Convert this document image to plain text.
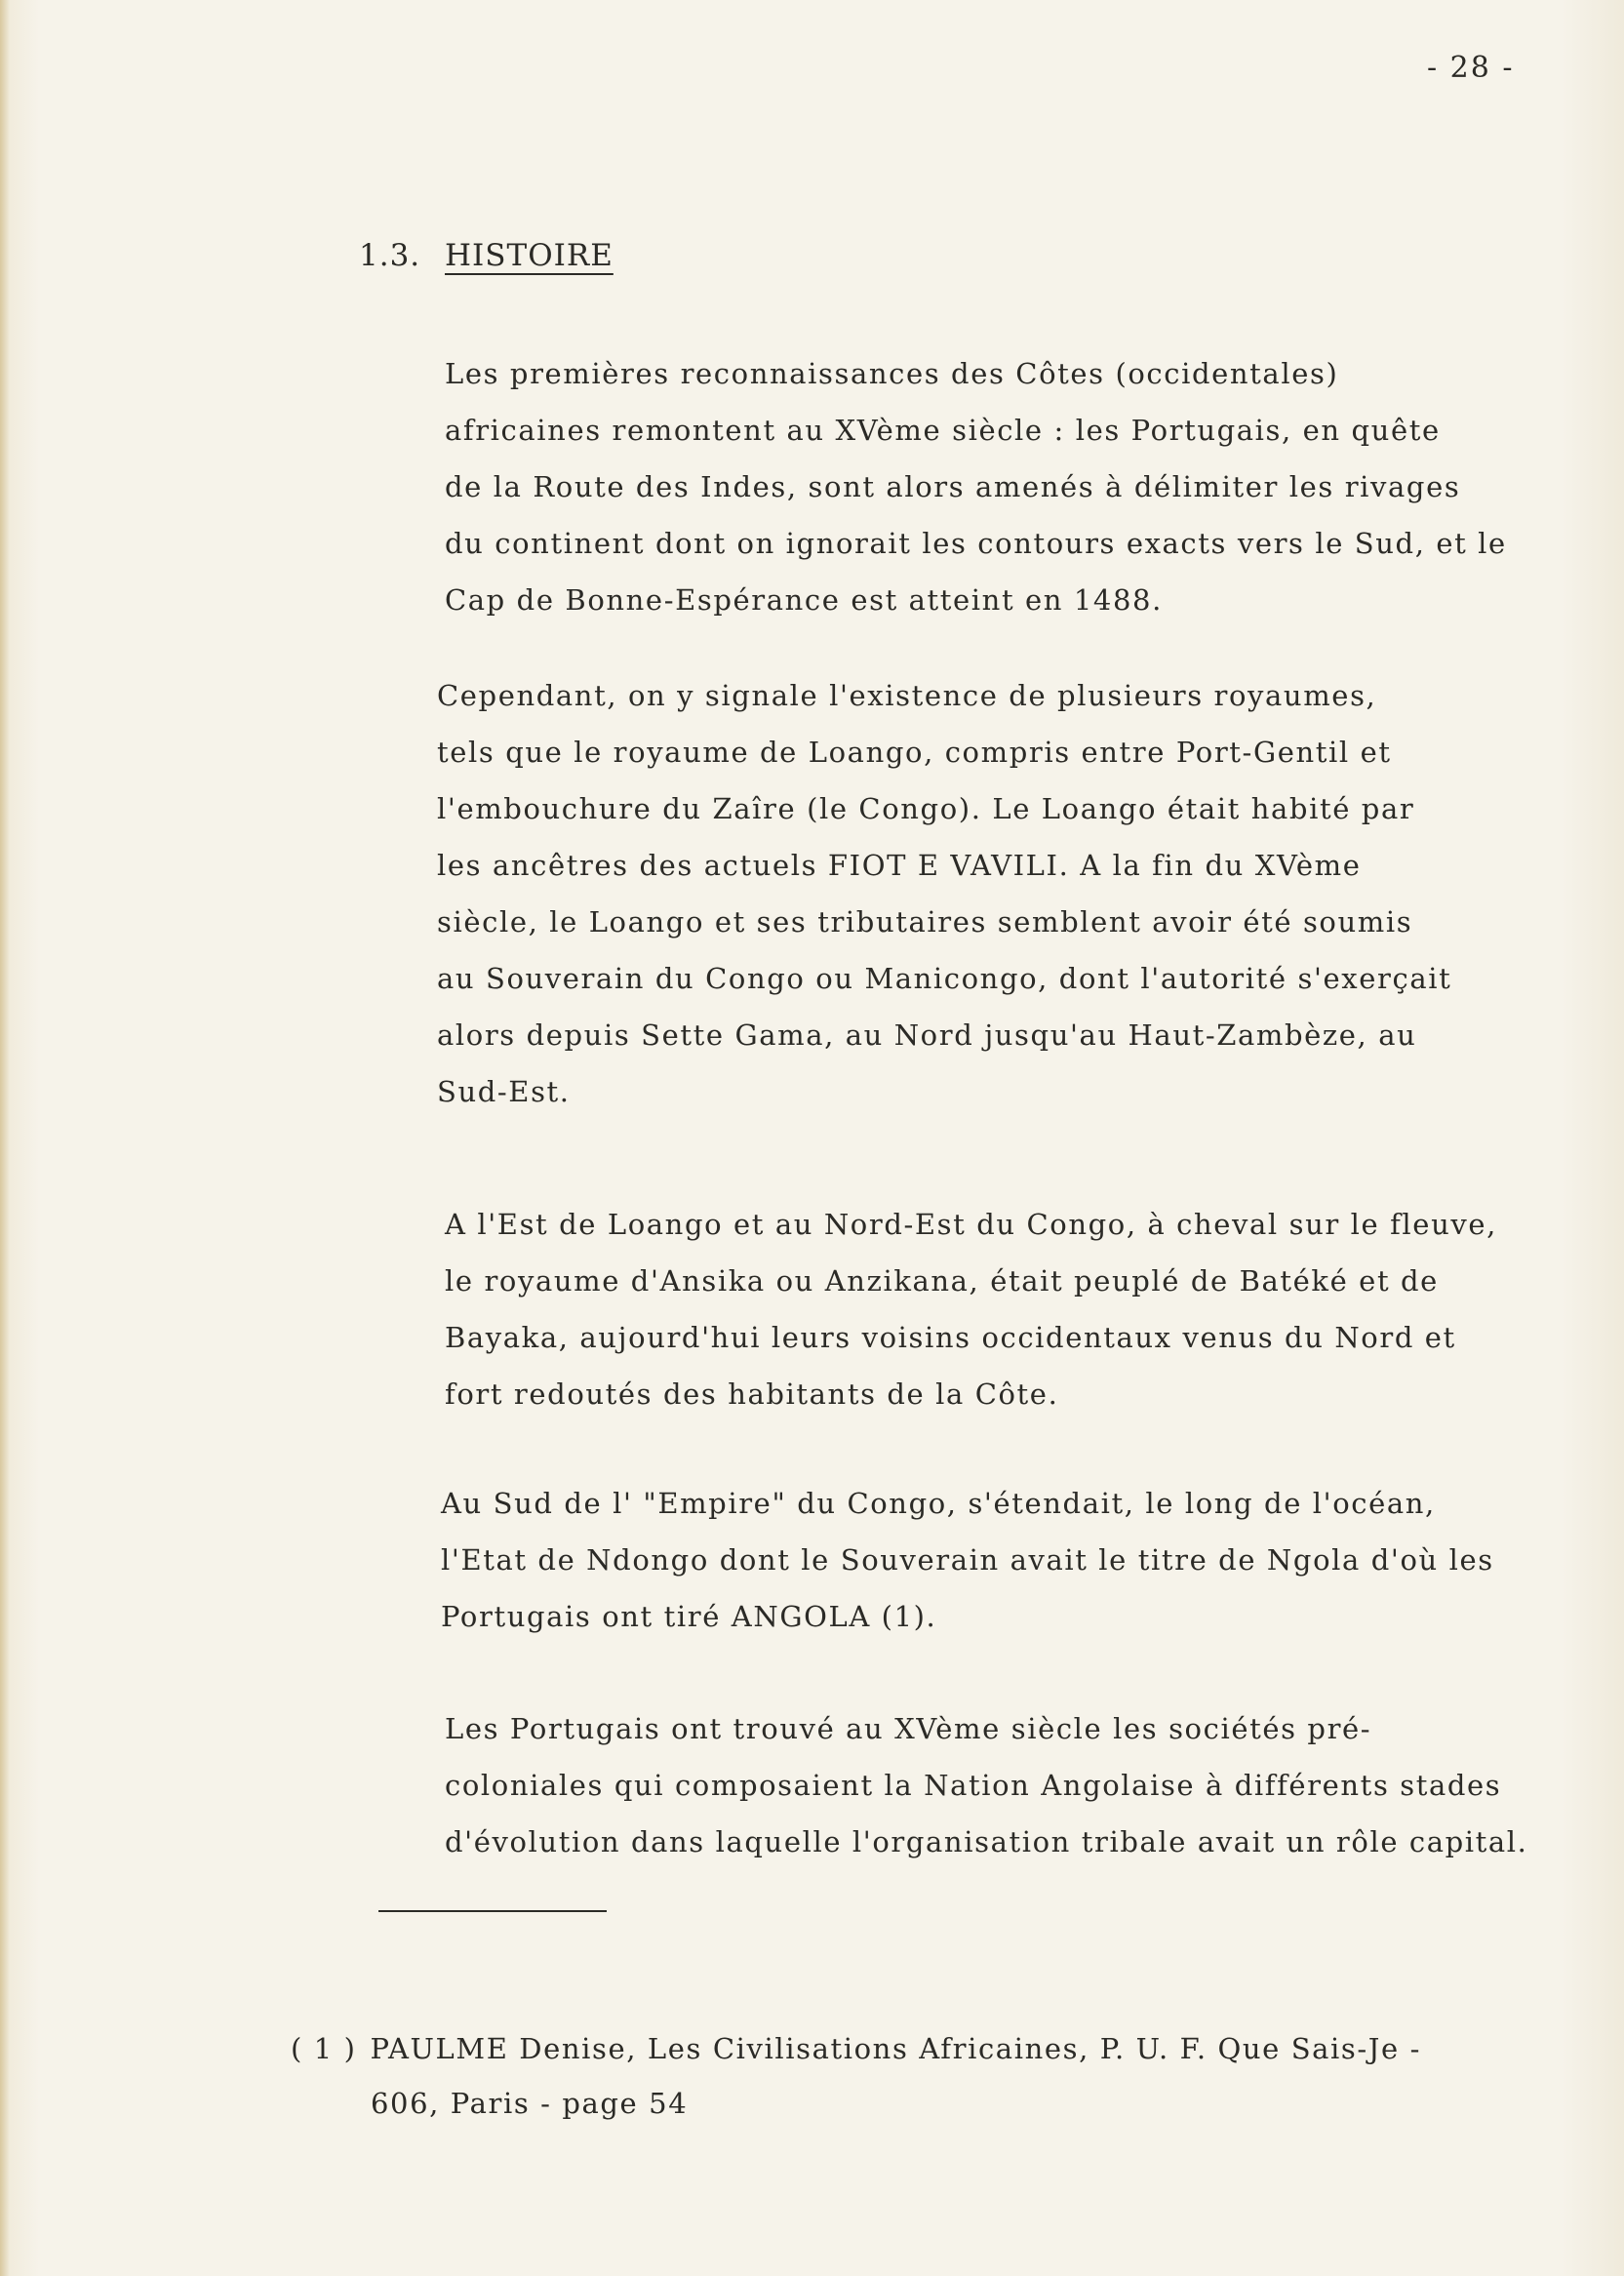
- 28 -
1.3. HISTOIRE
Les premières reconnaissances des Côtes (occidentales)
africaines remontent au XVème siècle : les Portugais, en quête
de la Route des Indes, sont alors amenés à délimiter les rivages
du continent dont on ignorait les contours exacts vers le Sud, et le
Cap de Bonne-Espérance est atteint en 1488.
Cependant, on y signale l'existence de plusieurs royaumes,
tels que le royaume de Loango, compris entre Port-Gentil et
l'embouchure du Zaîre (le Congo). Le Loango était habité par
les ancêtres des actuels FIOT E VAVILI. A la fin du XVème
siècle, le Loango et ses tributaires semblent avoir été soumis
au Souverain du Congo ou Manicongo, dont l'autorité s'exerçait
alors depuis Sette Gama, au Nord jusqu'au Haut-Zambèze, au
Sud-Est.
A l'Est de Loango et au Nord-Est du Congo, à cheval sur le fleuve,
le royaume d'Ansika ou Anzikana, était peuplé de Batéké et de
Bayaka, aujourd'hui leurs voisins occidentaux venus du Nord et
fort redoutés des habitants de la Côte.
Au Sud de l' "Empire" du Congo, s'étendait, le long de l'océan,
l'Etat de Ndongo dont le Souverain avait le titre de Ngola d'où les
Portugais ont tiré ANGOLA (1).
Les Portugais ont trouvé au XVème siècle les sociétés pré-
coloniales qui composaient la Nation Angolaise à différents stades
d'évolution dans laquelle l'organisation tribale avait un rôle capital.
( 1 ) PAULME Denise, Les Civilisations Africaines, P. U. F. Que Sais-Je -
606, Paris - page 54
